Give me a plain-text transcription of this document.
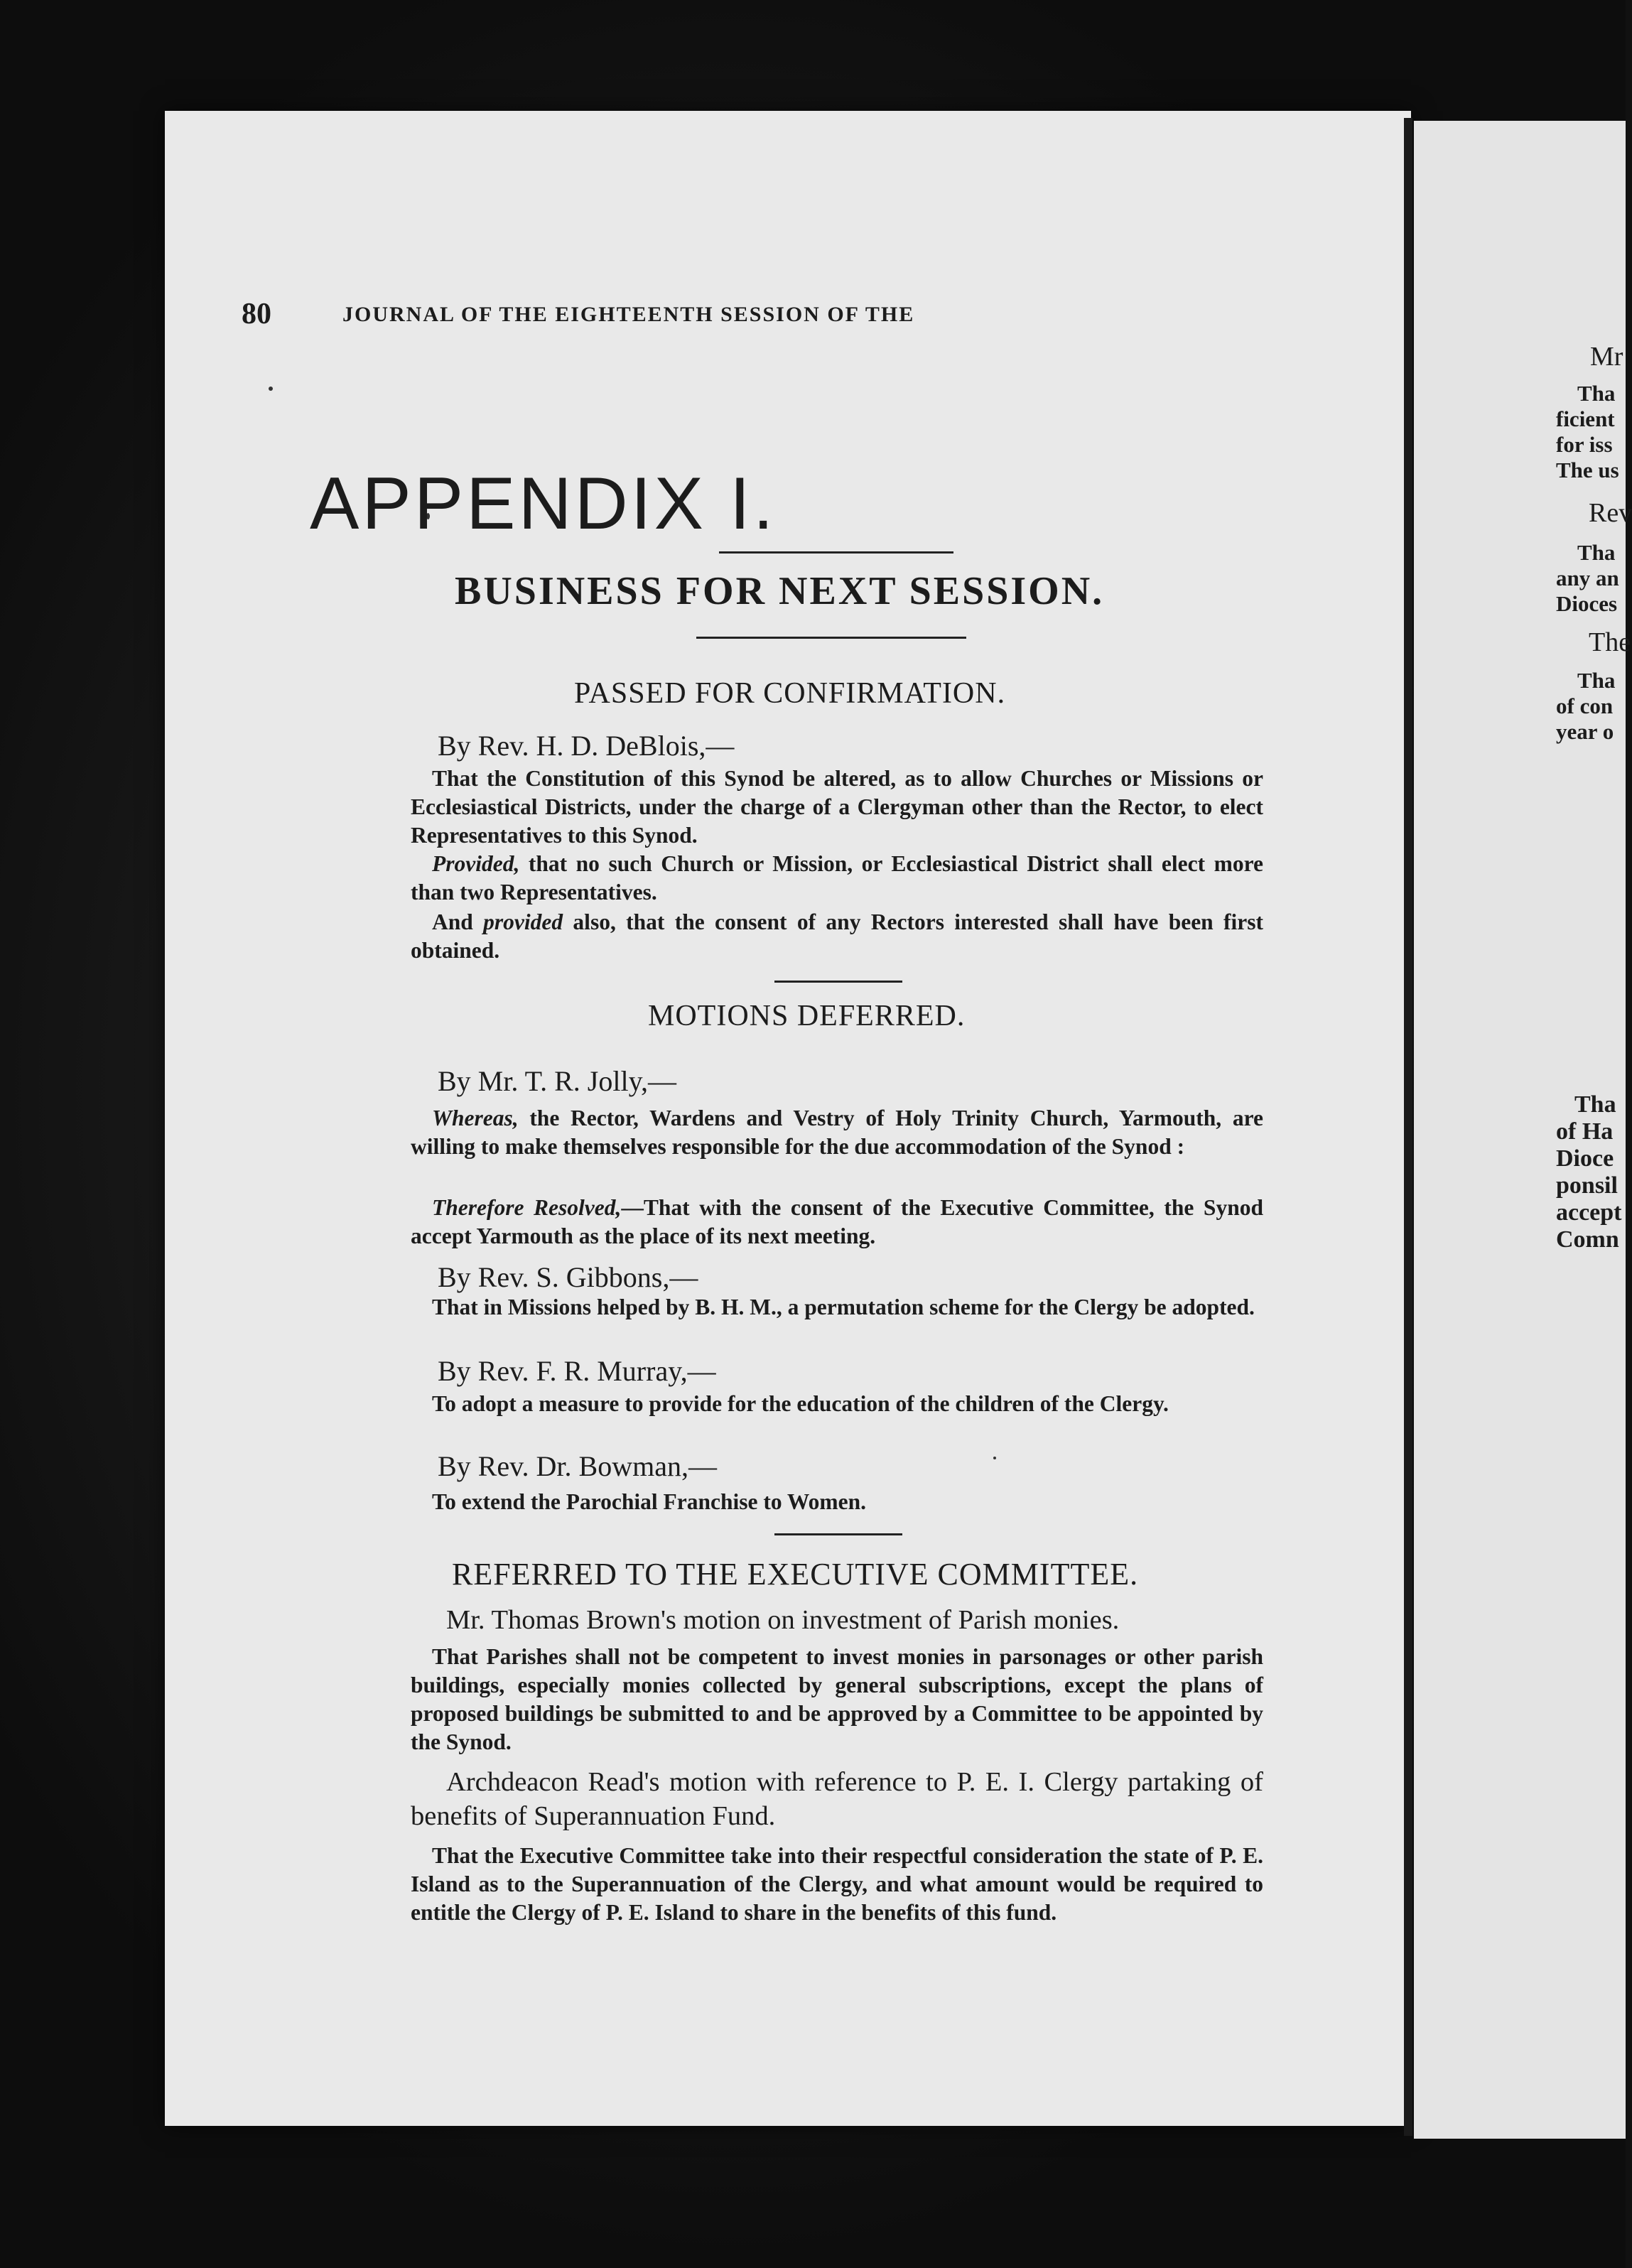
Mr
Tha
ficient
for iss
The us
Rev
Tha
any an
Dioces
The
Tha
of con
year o
Tha
of Ha
Dioce
ponsil
accept
Comn
80	JOURNAL OF THE EIGHTEENTH SESSION OF THE
APPENDIX I.
BUSINESS FOR NEXT SESSION.
PASSED FOR CONFIRMATION.
By Rev. H. D. DeBlois,—
That the Constitution of this Synod be altered, as to allow Churches or Missions or Ecclesiastical Districts, under the charge of a Clergyman other than the Rector, to elect Representatives to this Synod.
Provided, that no such Church or Mission, or Ecclesiastical District shall elect more than two Representatives.
And provided also, that the consent of any Rectors interested shall have been first obtained.
MOTIONS DEFERRED.
By Mr. T. R. Jolly,—
Whereas, the Rector, Wardens and Vestry of Holy Trinity Church, Yarmouth, are willing to make themselves responsible for the due accommodation of the Synod :
Therefore Resolved,—That with the consent of the Executive Committee, the Synod accept Yarmouth as the place of its next meeting.
By Rev. S. Gibbons,—
That in Missions helped by B. H. M., a permutation scheme for the Clergy be adopted.
By Rev. F. R. Murray,—
To adopt a measure to provide for the education of the children of the Clergy.
By Rev. Dr. Bowman,—
To extend the Parochial Franchise to Women.
REFERRED TO THE EXECUTIVE COMMITTEE.
Mr. Thomas Brown's motion on investment of Parish monies.
That Parishes shall not be competent to invest monies in parsonages or other parish buildings, especially monies collected by general subscriptions, except the plans of proposed buildings be submitted to and be approved by a Committee to be appointed by the Synod.
Archdeacon Read's motion with reference to P. E. I. Clergy partaking of benefits of Superannuation Fund.
That the Executive Committee take into their respectful consideration the state of P. E. Island as to the Superannuation of the Clergy, and what amount would be required to entitle the Clergy of P. E. Island to share in the benefits of this fund.
